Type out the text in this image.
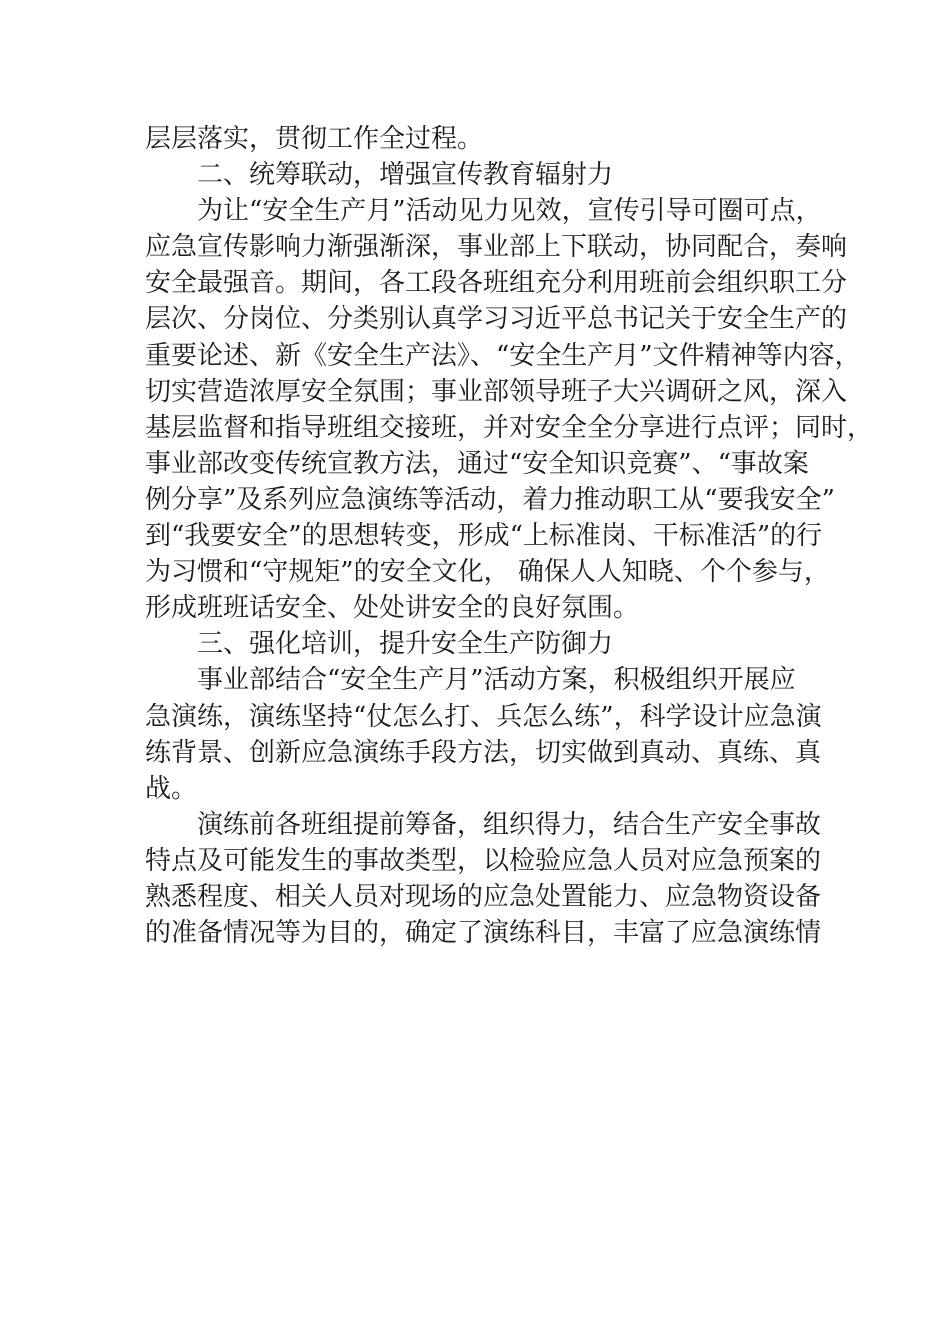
层层落实，贯彻工作全过程。
二、统筹联动，增强宣传教育辐射力
为让“安全生产月”活动见力见效，宣传引导可圈可点，
应急宣传影响力渐强渐深，事业部上下联动，协同配合，奏响
安全最强音。期间，各工段各班组充分利用班前会组织职工分
层次、分岗位、分类别认真学习习近平总书记关于安全生产的
重要论述、新《安全生产法》、“安全生产月”文件精神等内容，
切实营造浓厚安全氛围；事业部领导班子大兴调研之风，深入
基层监督和指导班组交接班，并对安全全分享进行点评；同时，
事业部改变传统宣教方法，通过“安全知识竞赛”、“事故案
例分享”及系列应急演练等活动，着力推动职工从“要我安全”
到“我要安全”的思想转变，形成“上标准岗、干标准活”的行
为习惯和“守规矩”的安全文化， 确保人人知晓、个个参与，
形成班班话安全、处处讲安全的良好氛围。
三、强化培训，提升安全生产防御力
事业部结合“安全生产月”活动方案，积极组织开展应
急演练，演练坚持“仗怎么打、兵怎么练”，科学设计应急演
练背景、创新应急演练手段方法，切实做到真动、真练、真
战。
演练前各班组提前筹备，组织得力，结合生产安全事故
特点及可能发生的事故类型，以检验应急人员对应急预案的
熟悉程度、相关人员对现场的应急处置能力、应急物资设备
的准备情况等为目的，确定了演练科目，丰富了应急演练情
